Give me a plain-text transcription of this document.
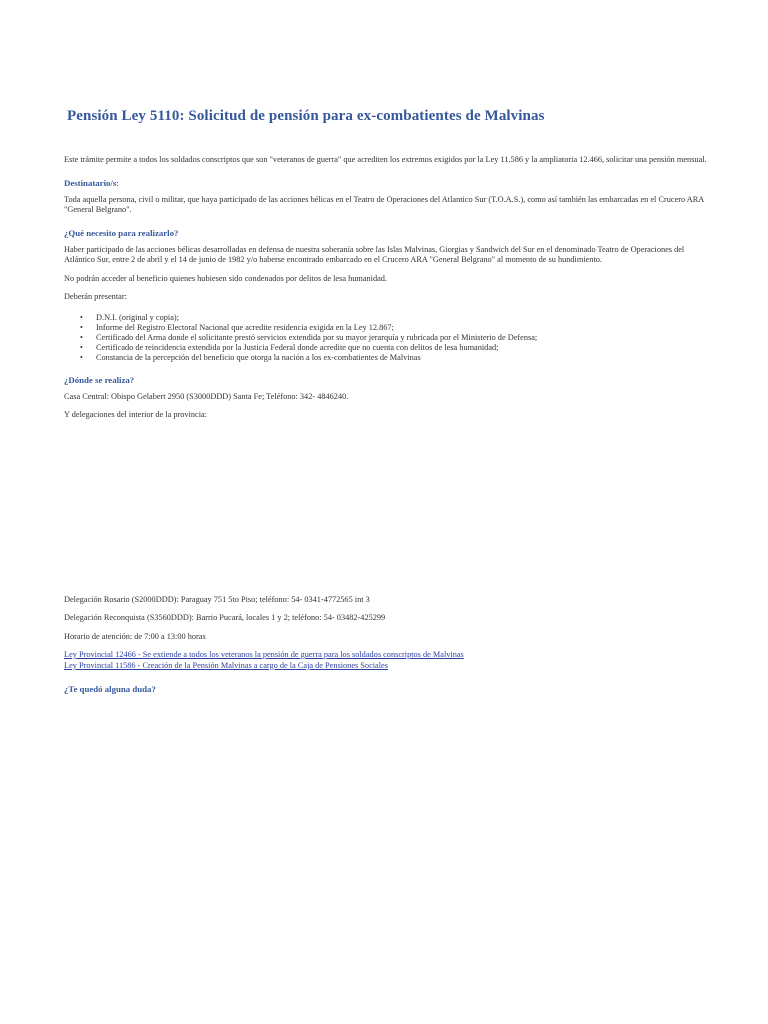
Pensión Ley 5110: Solicitud de pensión para ex-combatientes de Malvinas

Este trámite permite a todos los soldados conscriptos que son "veteranos de guerra" que acrediten los extremos exigidos por la Ley 11.586 y la ampliatoria 12.466, solicitar una pensión mensual.

Destinatario/s:

Toda aquella persona, civil o militar, que haya participado de las acciones bélicas en el Teatro de Operaciones del Atlantico Sur (T.O.A.S.), como así también las embarcadas en el Crucero ARA "General Belgrano".

¿Qué necesito para realizarlo?

Haber participado de las acciones bélicas desarrolladas en defensa de nuestra soberanía sobre las Islas Malvinas, Giorgias y Sandwich del Sur en el denominado Teatro de Operaciones del Atlántico Sur, entre 2 de abril y el 14 de junio de 1982 y/o haberse encontrado embarcado en el Crucero ARA "General Belgrano" al momento de su hundimiento.

No podrán acceder al beneficio quienes hubiesen sido condenados por delitos de lesa humanidad.

Deberán presentar:

• D.N.I. (original y copia);
• Informe del Registro Electoral Nacional que acredite residencia exigida en la Ley 12.867;
• Certificado del Arma donde el solicitante prestó servicios extendida por su mayor jerarquía y rubricada por el Ministerio de Defensa;
• Certificado de reincidencia extendida por la Justicia Federal donde acredite que no cuenta con delitos de lesa humanidad;
• Constancia de la percepción del beneficio que otorga la nación a los ex-combatientes de Malvinas
¿Dónde se realiza?

Casa Central: Obispo Gelabert 2950 (S3000DDD) Santa Fe; Teléfono: 342- 4846240.

Y delegaciones del interior de la provincia:

Delegación Rosario (S2000DDD): Paraguay 751 5to Piso; teléfono: 54- 0341-4772565 int 3

Delegación Reconquista (S3560DDD): Barrio Pucará, locales 1 y 2; teléfono: 54- 03482-425299

Horario de atención: de 7:00 a 13:00 horas

Ley Provincial 12466 - Se extiende a todos los veteranos la pensión de guerra para los soldados conscriptos de Malvinas
Ley Provincial 11586 - Creación de la Pensión Malvinas a cargo de la Caja de Pensiones Sociales
¿Te quedó alguna duda?
